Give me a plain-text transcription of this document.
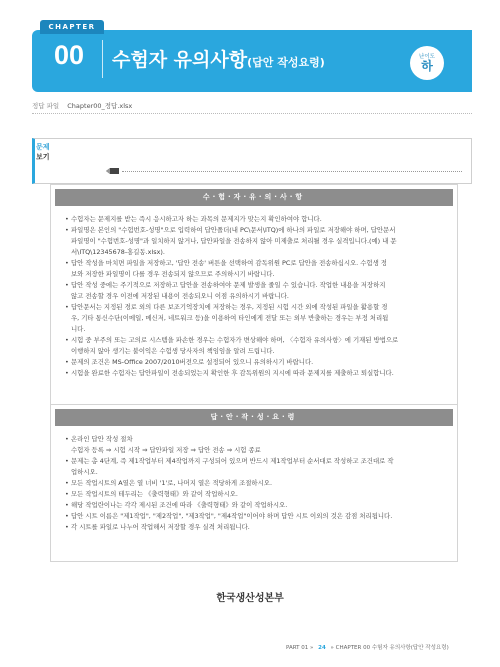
CHAPTER
00 수험자 유의사항(답안 작성요령)	난이도
하
정답 파일 Chapter00_정답.xlsx
문제
보기
수·험·자·유·의·사·항
• 수험자는 문제지를 받는 즉시 응시하고자 하는 과목의 문제지가 맞는지 확인하여야 합니다.
• 파일명은 본인의 "수험번호-성명"으로 입력하여 답안폴더(내 PC\문서\ITQ)에 하나의 파일로 저장해야 하며, 답안문서
파일명이 "수험번호-성명"과 일치하지 않거나, 답안파일을 전송하지 않아 미제출로 처리될 경우 실격입니다.(예) 내 문
서\ITQ\12345678-홍길동.xlsx).
• 답안 작성을 마치면 파일을 저장하고, '답안 전송' 버튼을 선택하여 감독위원 PC로 답안을 전송하십시오. 수험생 정
보와 저장한 파일명이 다를 경우 전송되지 않으므로 주의하시기 바랍니다.
• 답안 작성 중에는 주기적으로 저장하고 답안을 전송하여야 문제 발생을 줄일 수 있습니다. 작업한 내용을 저장하지
않고 전송할 경우 이전에 저장된 내용이 전송되오니 이점 유의하시기 바랍니다.
• 답안문서는 지정된 경로 외의 다른 보조기억장치에 저장하는 경우, 지정된 시험 시간 외에 작성된 파일을 활용할 경
우, 기타 통신수단(이메일, 메신저, 네트워크 등)을 이용하여 타인에게 전달 또는 외부 반출하는 경우는 부정 처리됩
니다.
• 시험 중 부주의 또는 고의로 시스템을 파손한 경우는 수험자가 변상해야 하며, 〈수험자 유의사항〉에 기재된 방법으로
이행하지 않아 생기는 불이익은 수험생 당사자의 책임임을 알려 드립니다.
• 문제의 조건은 MS-Office 2007/2010버전으로 설정되어 있으니 유의하시기 바랍니다.
• 시험을 완료한 수험자는 답안파일이 전송되었는지 확인한 후 감독위원의 지시에 따라 문제지를 제출하고 퇴실합니다.
답·안·작·성·요·령
• 온라인 답안 작성 절차
수험자 등록 ⇒ 시험 시작 ⇒ 답안파일 저장 ⇒ 답안 전송 ⇒ 시험 종료
• 문제는 총 4단계, 즉 제1작업부터 제4작업까지 구성되어 있으며 반드시 제1작업부터 순서대로 작성하고 조건대로 작
업하시오.
• 모든 작업시트의 A열은 열 너비 '1'로, 나머지 열은 적당하게 조절하시오.
• 모든 작업시트의 테두리는 《출력형태》와 같이 작업하시오.
• 해당 작업란이나는 각각 제시된 조건에 따라 《출력형태》와 같이 작업하시오.
• 답안 시트 이름은 "제1작업", "제2작업", "제3작업", "제4작업"이어야 하며 답안 시트 이외의 것은 감점 처리됩니다.
• 각 시트를 파일로 나누어 작업해서 저장할 경우 실격 처리됩니다.
한국생산성본부
PART 01 » 24 » CHAPTER 00 수험자 유의사항(답안 작성요령)
